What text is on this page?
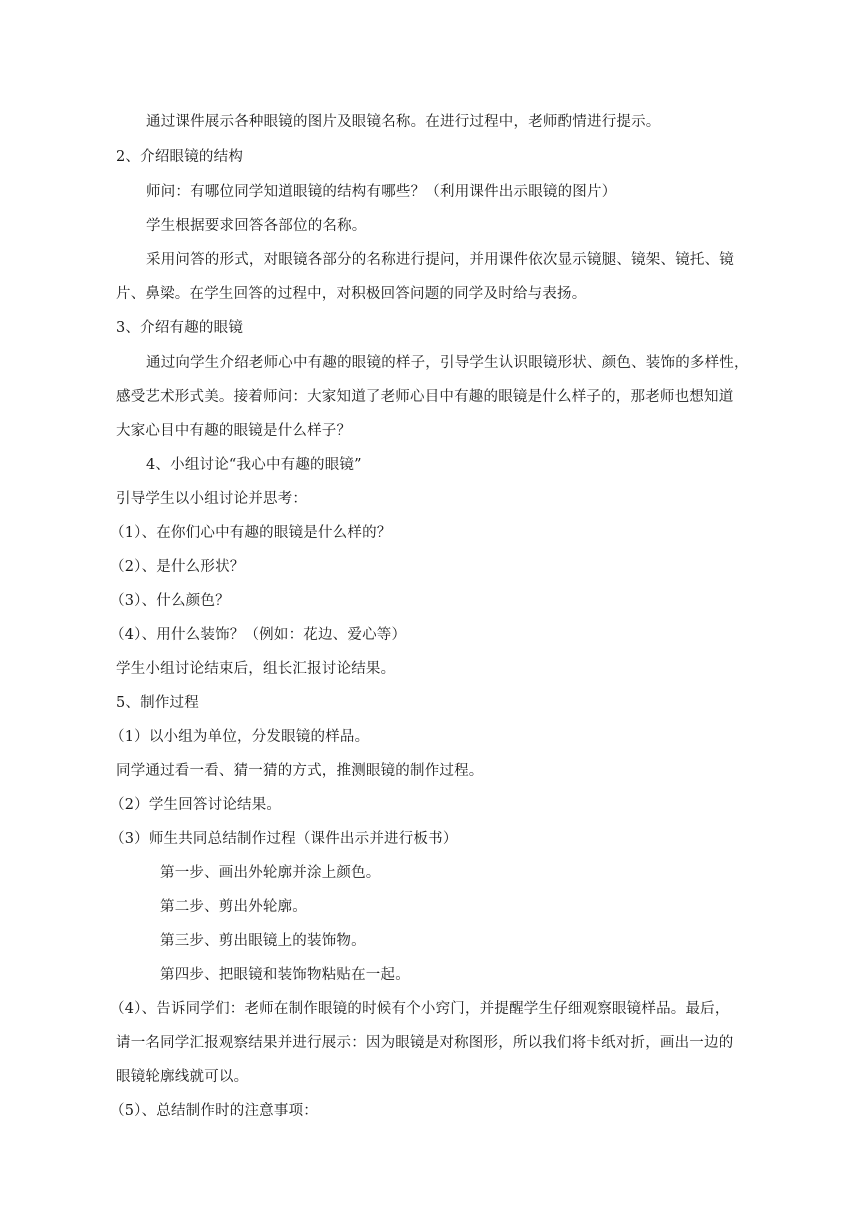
通过课件展示各种眼镜的图片及眼镜名称。在进行过程中，老师酌情进行提示。
2、介绍眼镜的结构
师问：有哪位同学知道眼镜的结构有哪些？（利用课件出示眼镜的图片）
学生根据要求回答各部位的名称。
采用问答的形式，对眼镜各部分的名称进行提问，并用课件依次显示镜腿、镜架、镜托、镜
片、鼻梁。在学生回答的过程中，对积极回答问题的同学及时给与表扬。
3、介绍有趣的眼镜
通过向学生介绍老师心中有趣的眼镜的样子，引导学生认识眼镜形状、颜色、装饰的多样性，
感受艺术形式美。接着师问：大家知道了老师心目中有趣的眼镜是什么样子的，那老师也想知道
大家心目中有趣的眼镜是什么样子？
4、小组讨论“我心中有趣的眼镜”
引导学生以小组讨论并思考：
（1）、在你们心中有趣的眼镜是什么样的？
（2）、是什么形状？
（3）、什么颜色？
（4）、用什么装饰？（例如：花边、爱心等）
学生小组讨论结束后，组长汇报讨论结果。
5、制作过程
（1）以小组为单位，分发眼镜的样品。
同学通过看一看、猜一猜的方式，推测眼镜的制作过程。
（2）学生回答讨论结果。
（3）师生共同总结制作过程（课件出示并进行板书）
第一步、画出外轮廓并涂上颜色。
第二步、剪出外轮廓。
第三步、剪出眼镜上的装饰物。
第四步、把眼镜和装饰物粘贴在一起。
（4）、告诉同学们：老师在制作眼镜的时候有个小窍门，并提醒学生仔细观察眼镜样品。最后，
请一名同学汇报观察结果并进行展示：因为眼镜是对称图形，所以我们将卡纸对折，画出一边的
眼镜轮廓线就可以。
（5）、总结制作时的注意事项：
